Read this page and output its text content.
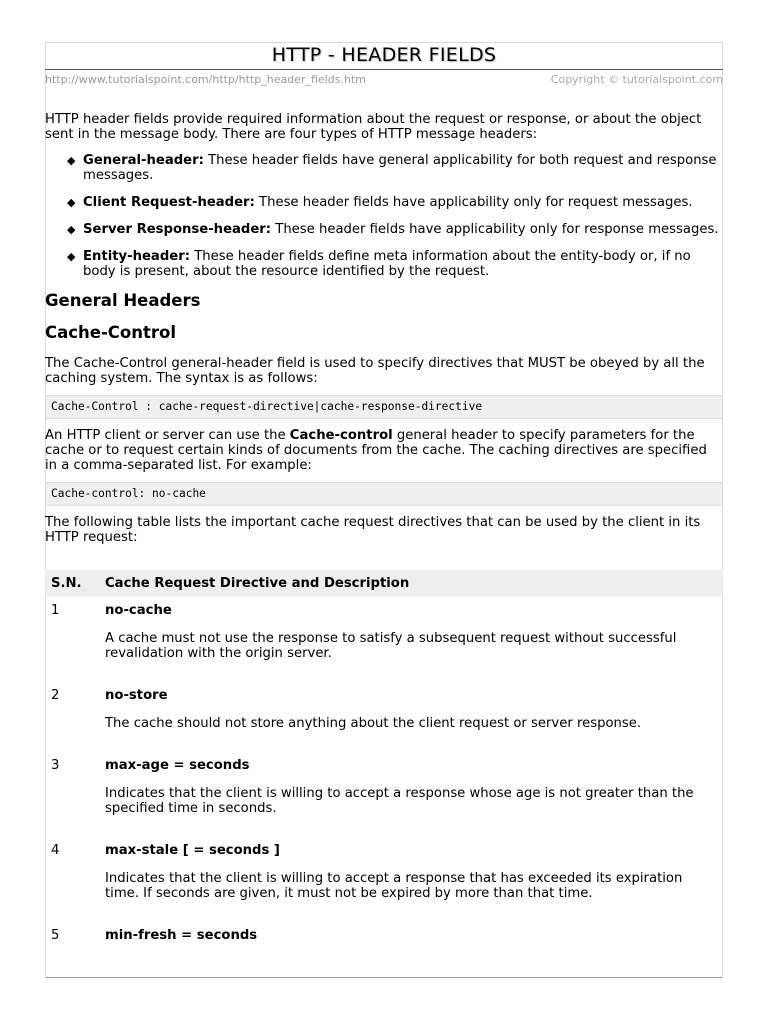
HTTP - HEADER FIELDS
http://www.tutorialspoint.com/http/http_header_fields.htm	Copyright © tutorialspoint.com

HTTP header fields provide required information about the request or response, or about the object sent in the message body. There are four types of HTTP message headers:

◆ General-header: These header fields have general applicability for both request and response messages.
◆ Client Request-header: These header fields have applicability only for request messages.
◆ Server Response-header: These header fields have applicability only for response messages.
◆ Entity-header: These header fields define meta information about the entity-body or, if no body is present, about the resource identified by the request.
General Headers
Cache-Control

The Cache-Control general-header field is used to specify directives that MUST be obeyed by all the caching system. The syntax is as follows:

Cache-Control : cache-request-directive|cache-response-directive

An HTTP client or server can use the Cache-control general header to specify parameters for the cache or to request certain kinds of documents from the cache. The caching directives are specified in a comma-separated list. For example:

Cache-control: no-cache

The following table lists the important cache request directives that can be used by the client in its HTTP request:

S.N.	Cache Request Directive and Description
1	no-cache
A cache must not use the response to satisfy a subsequent request without successful revalidation with the origin server.

2	no-store
The cache should not store anything about the client request or server response.

3	max-age = seconds
Indicates that the client is willing to accept a response whose age is not greater than the specified time in seconds.

4	max-stale [ = seconds ]
Indicates that the client is willing to accept a response that has exceeded its expiration time. If seconds are given, it must not be expired by more than that time.

5	min-fresh = seconds
